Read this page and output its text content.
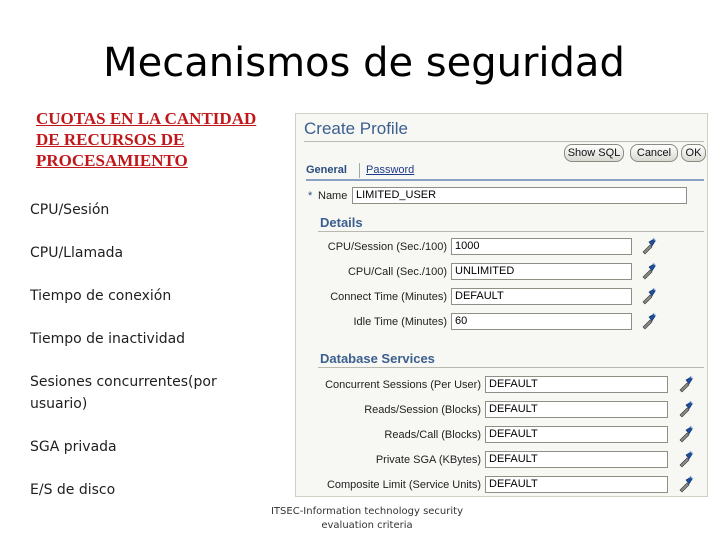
Mecanismos de seguridad
CUOTAS EN LA CANTIDAD
DE RECURSOS DE
PROCESAMIENTO
CPU/Sesión
CPU/Llamada
Tiempo de conexión
Tiempo de inactividad
Sesiones concurrentes(por
usuario)
SGA privada
E/S de disco
Create Profile
Show SQL	Cancel	OK
General Password
* Name LIMITED_USER
Details
CPU/Session (Sec./100) 1000
CPU/Call (Sec./100) UNLIMITED
Connect Time (Minutes) DEFAULT
Idle Time (Minutes) 60
Database Services
Concurrent Sessions (Per User) DEFAULT
Reads/Session (Blocks) DEFAULT
Reads/Call (Blocks) DEFAULT
Private SGA (KBytes) DEFAULT
Composite Limit (Service Units) DEFAULT
ITSEC-Information technology security
evaluation criteria
